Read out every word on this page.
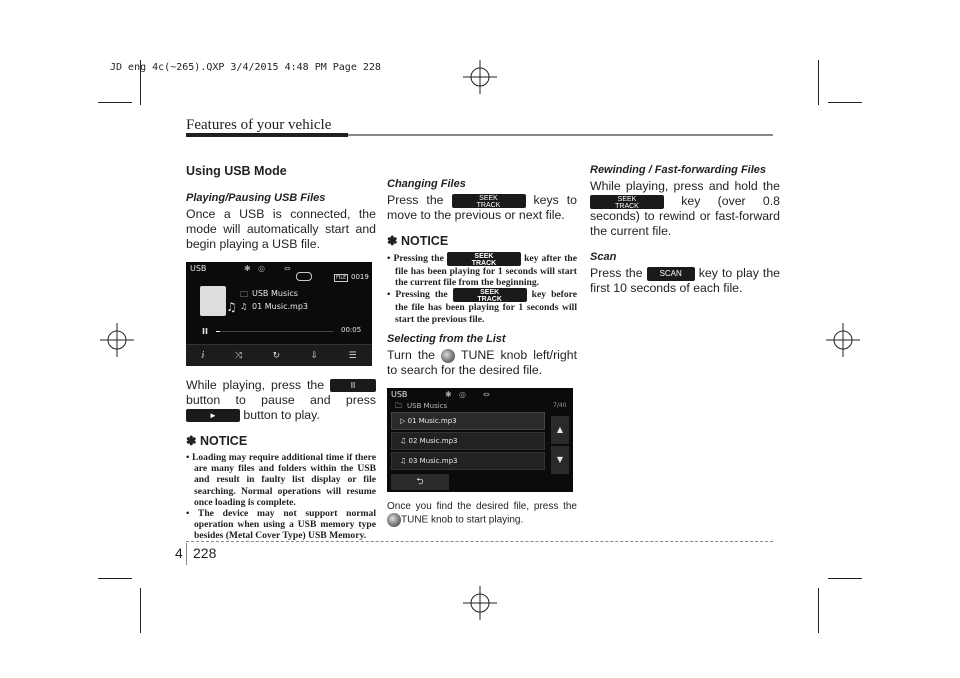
JD eng 4c(~265).QXP 3/4/2015 4:48 PM Page 228
Features of your vehicle
Using USB Mode
Playing/Pausing USB Files

Once a USB is connected, the mode will automatically start and begin playing a USB file.

USB	✱ ◎ ⇔
FILE 0019
♫
🗀 USB Musics
♫ 01 Music.mp3
II	00:05
ⅈ	⤨	↻	⇩	☰

While playing, press the	II button to pause and press ► button to play.

✽ NOTICE
• Loading may require additional time if there are many files and folders within the USB and result in faulty list display or file searching. Normal operations will resume once loading is complete.
• The device may not support normal operation when using a USB memory type besides (Metal Cover Type) USB Memory.
Changing Files

Press the	SEEK
TRACK	keys to move to the previous or next file.

✽ NOTICE
• Pressing the	SEEK
TRACK	key after the file has been playing for 1 seconds will start the current file from the beginning.
• Pressing the	SEEK
TRACK	key before the file has been playing for 1 seconds will start the previous file.
Selecting from the List

Turn the TUNE knob left/right to search for the desired file.

USB	✱ ◎ ⇔
🗀 USB Musics	7/40
▷ 01 Music.mp3
♫ 02 Music.mp3
♫ 03 Music.mp3
▲
▼
⮌

Once you find the desired file, press the TUNE knob to start playing.

Rewinding / Fast-forwarding Files

While playing, press and hold the
SEEK
TRACK	key (over 0.8 seconds) to rewind or fast-forward the current file.

Scan

Press the SCAN key to play the first 10 seconds of each file.

4 228
